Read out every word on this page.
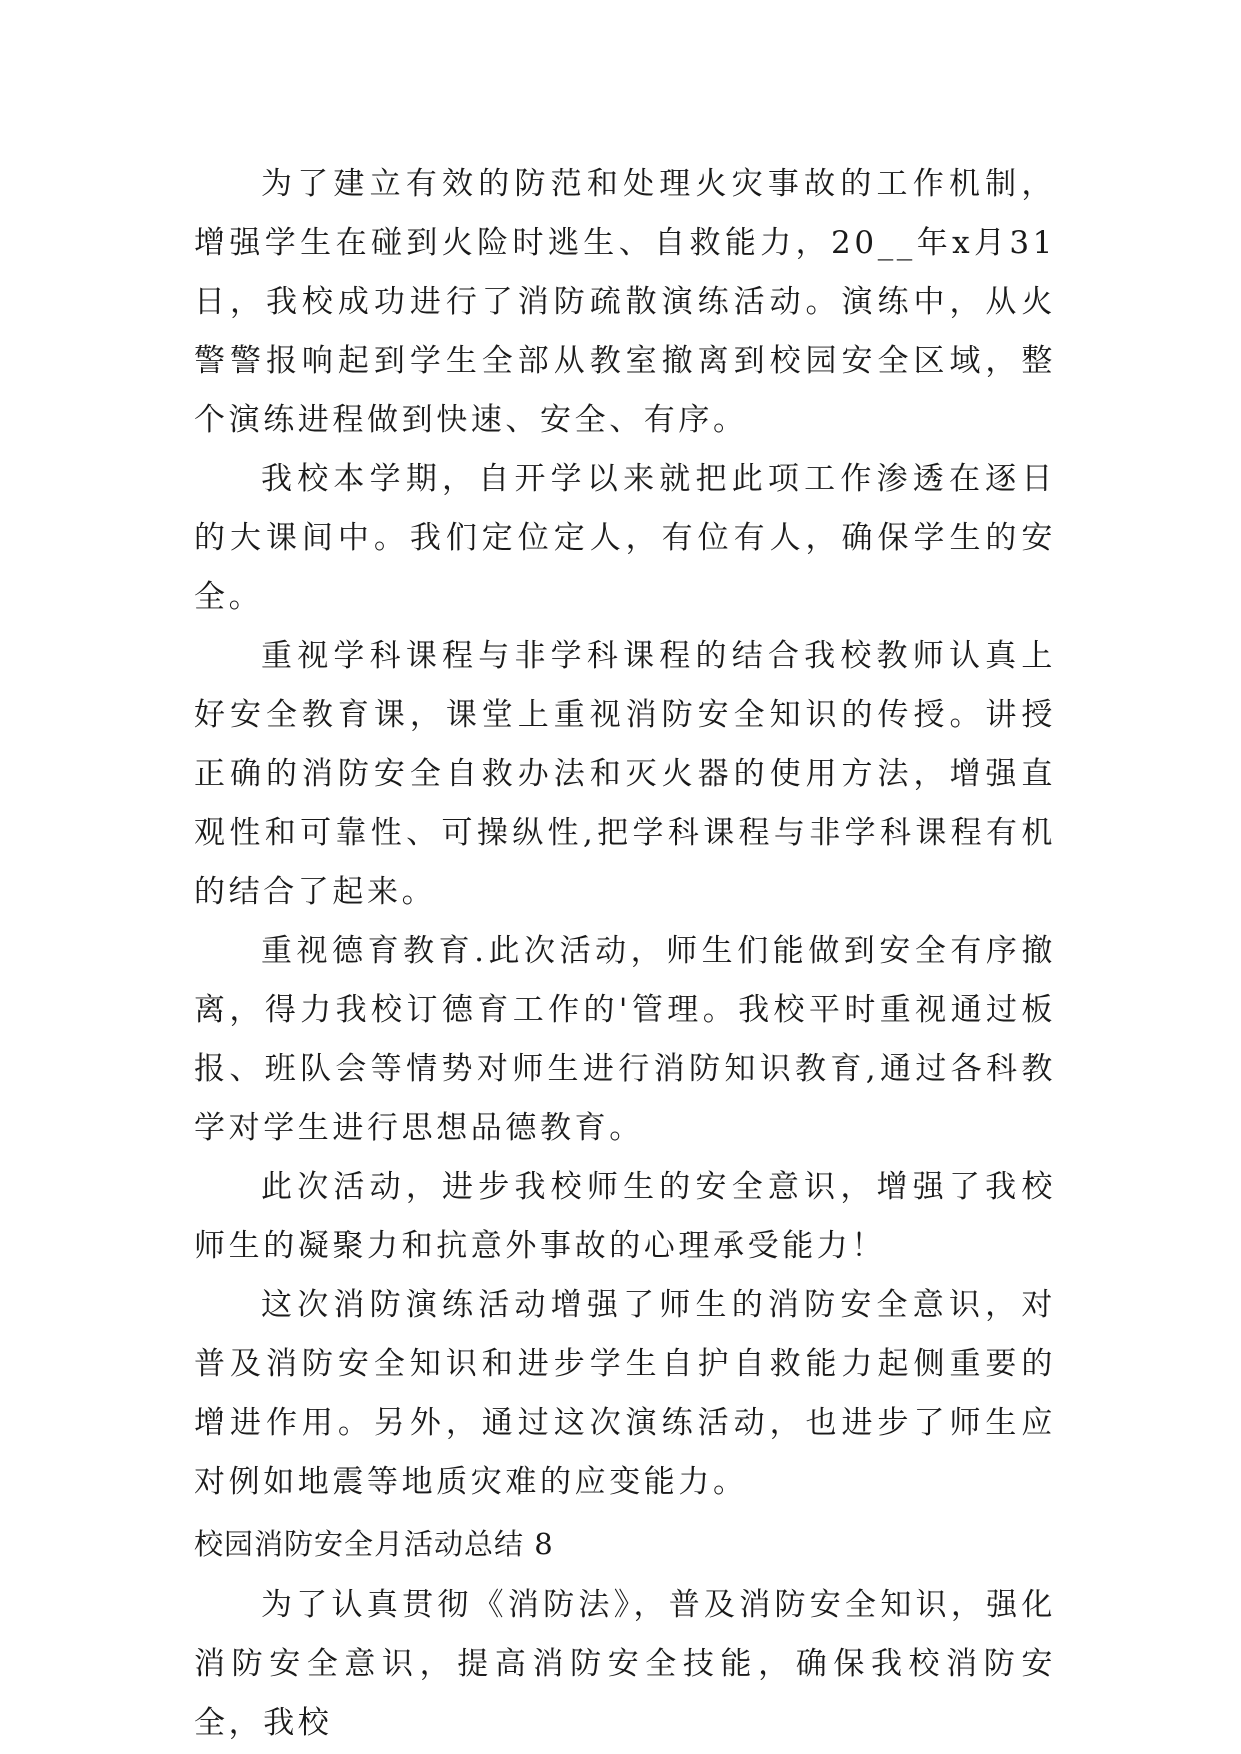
为了建立有效的防范和处理火灾事故的工作机制，增强学生在碰到火险时逃生、自救能力，20__年x月31日，我校成功进行了消防疏散演练活动。演练中，从火警警报响起到学生全部从教室撤离到校园安全区域，整个演练进程做到快速、安全、有序。

我校本学期，自开学以来就把此项工作渗透在逐日的大课间中。我们定位定人，有位有人，确保学生的安全。

重视学科课程与非学科课程的结合我校教师认真上好安全教育课，课堂上重视消防安全知识的传授。讲授正确的消防安全自救办法和灭火器的使用方法，增强直观性和可靠性、可操纵性,把学科课程与非学科课程有机的结合了起来。

重视德育教育.此次活动，师生们能做到安全有序撤离，得力我校订德育工作的'管理。我校平时重视通过板报、班队会等情势对师生进行消防知识教育,通过各科教学对学生进行思想品德教育。

此次活动，进步我校师生的安全意识，增强了我校师生的凝聚力和抗意外事故的心理承受能力！

这次消防演练活动增强了师生的消防安全意识，对普及消防安全知识和进步学生自护自救能力起侧重要的增进作用。另外，通过这次演练活动，也进步了师生应对例如地震等地质灾难的应变能力。

校园消防安全月活动总结 8

为了认真贯彻《消防法》，普及消防安全知识，强化消防安全意识，提高消防安全技能，确保我校消防安全，我校
